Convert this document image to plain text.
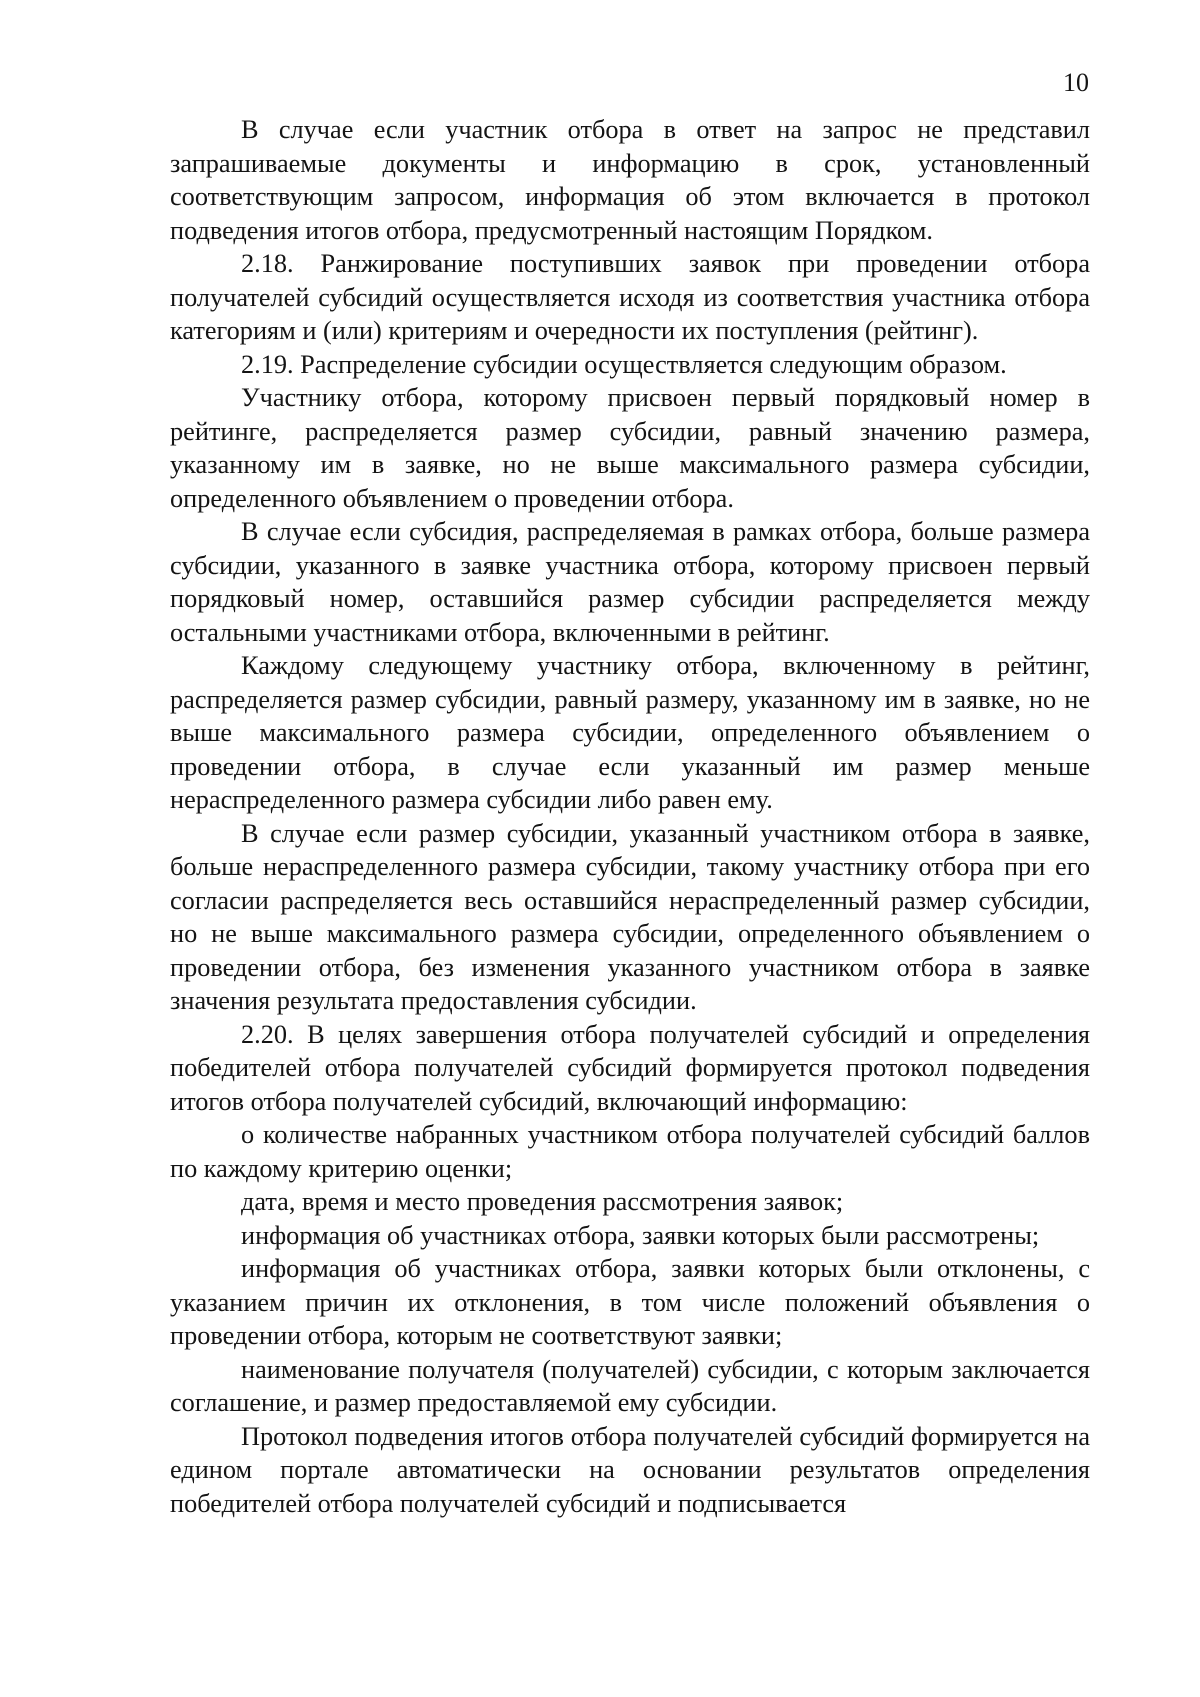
10

В случае если участник отбора в ответ на запрос не представил запрашиваемые документы и информацию в срок, установленный соответствующим запросом, информация об этом включается в протокол подведения итогов отбора, предусмотренный настоящим Порядком.

2.18. Ранжирование поступивших заявок при проведении отбора получателей субсидий осуществляется исходя из соответствия участника отбора категориям и (или) критериям и очередности их поступления (рейтинг).

2.19. Распределение субсидии осуществляется следующим образом.

Участнику отбора, которому присвоен первый порядковый номер в рейтинге, распределяется размер субсидии, равный значению размера, указанному им в заявке, но не выше максимального размера субсидии, определенного объявлением о проведении отбора.

В случае если субсидия, распределяемая в рамках отбора, больше размера субсидии, указанного в заявке участника отбора, которому присвоен первый порядковый номер, оставшийся размер субсидии распределяется между остальными участниками отбора, включенными в рейтинг.

Каждому следующему участнику отбора, включенному в рейтинг, распределяется размер субсидии, равный размеру, указанному им в заявке, но не выше максимального размера субсидии, определенного объявлением о проведении отбора, в случае если указанный им размер меньше нераспределенного размера субсидии либо равен ему.

В случае если размер субсидии, указанный участником отбора в заявке, больше нераспределенного размера субсидии, такому участнику отбора при его согласии распределяется весь оставшийся нераспределенный размер субсидии, но не выше максимального размера субсидии, определенного объявлением о проведении отбора, без изменения указанного участником отбора в заявке значения результата предоставления субсидии.

2.20. В целях завершения отбора получателей субсидий и определения победителей отбора получателей субсидий формируется протокол подведения итогов отбора получателей субсидий, включающий информацию:

о количестве набранных участником отбора получателей субсидий баллов по каждому критерию оценки;

дата, время и место проведения рассмотрения заявок;

информация об участниках отбора, заявки которых были рассмотрены;

информация об участниках отбора, заявки которых были отклонены, с указанием причин их отклонения, в том числе положений объявления о проведении отбора, которым не соответствуют заявки;

наименование получателя (получателей) субсидии, с которым заключается соглашение, и размер предоставляемой ему субсидии.

Протокол подведения итогов отбора получателей субсидий формируется на едином портале автоматически на основании результатов определения победителей отбора получателей субсидий и подписывается
